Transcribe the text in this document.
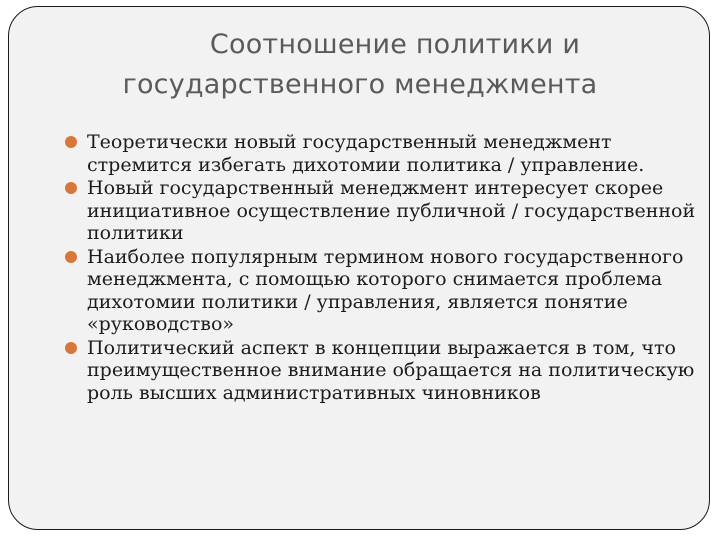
Соотношение политики и
государственного менеджмента
Теоретически новый государственный менеджмент стремится избегать дихотомии политика / управление.
Новый государственный менеджмент интересует скорее инициативное осуществление публичной / государственной политики
Наиболее популярным термином нового государственного менеджмента, с помощью которого снимается проблема дихотомии политики / управления, является понятие «руководство»
Политический аспект в концепции выражается в том, что преимущественное внимание обращается на политическую роль высших административных чиновников
